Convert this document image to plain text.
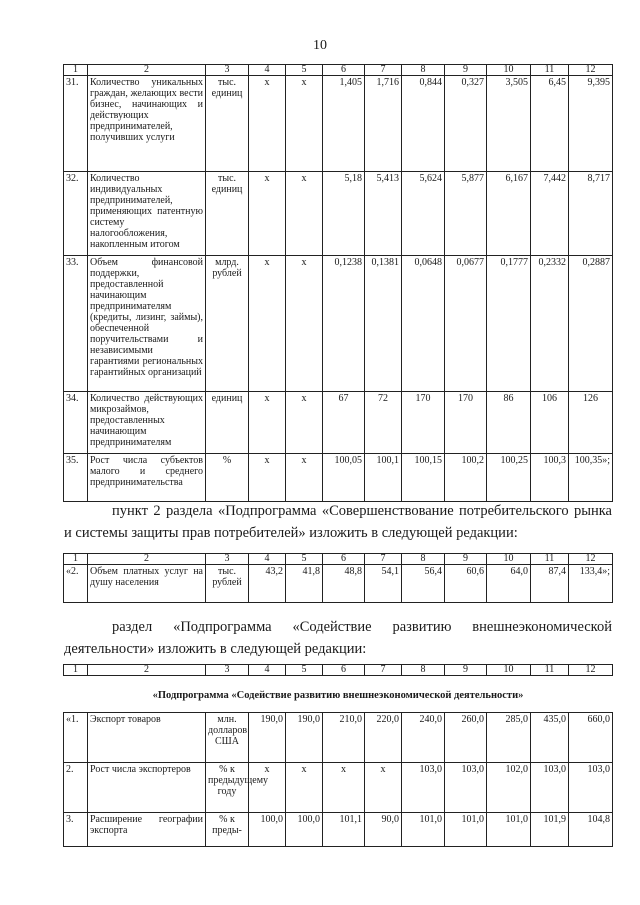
10
1	2	3	4	5	6	7	8	9	10	11	12
31.	Количество уникальных граждан, желающих вести бизнес, начинающих и действующих предпринимателей, получивших услуги	тыс. единиц	х	х	1,405	1,716	0,844	0,327	3,505	6,45	9,395
32.	Количество индивидуальных предпринимателей, применяющих патентную систему налогообложения, накопленным итогом	тыс. единиц	х	х	5,18	5,413	5,624	5,877	6,167	7,442	8,717
33.	Объем финансовой поддержки, предоставленной начинающим предпринимателям (кредиты, лизинг, займы), обеспеченной поручительствами и независимыми гарантиями региональных гарантийных организаций	млрд. рублей	х	х	0,1238	0,1381	0,0648	0,0677	0,1777	0,2332	0,2887
34.	Количество действующих микрозаймов, предоставленных начинающим предпринимателям	единиц	х	х	67	72	170	170	86	106	126
35.	Рост числа субъектов малого и среднего предпринимательства	%	х	х	100,05	100,1	100,15	100,2	100,25	100,3	100,35»;
пункт 2 раздела «Подпрограмма «Совершенствование потребительского рынка и системы защиты прав потребителей» изложить в следующей редакции:
1	2	3	4	5	6	7	8	9	10	11	12
«2.	Объем платных услуг на душу населения	тыс. рублей	43,2	41,8	48,8	54,1	56,4	60,6	64,0	87,4	133,4»;
раздел «Подпрограмма «Содействие развитию внешнеэкономической деятельности» изложить в следующей редакции:
1	2	3	4	5	6	7	8	9	10	11	12
«Подпрограмма «Содействие развитию внешнеэкономической деятельности»
«1.	Экспорт товаров	млн. долларов США	190,0	190,0	210,0	220,0	240,0	260,0	285,0	435,0	660,0
2.	Рост числа экспортеров	% к предыдущему году	х	х	х	х	103,0	103,0	102,0	103,0	103,0
3.	Расширение географии экспорта	% к преды-	100,0	100,0	101,1	90,0	101,0	101,0	101,0	101,9	104,8
